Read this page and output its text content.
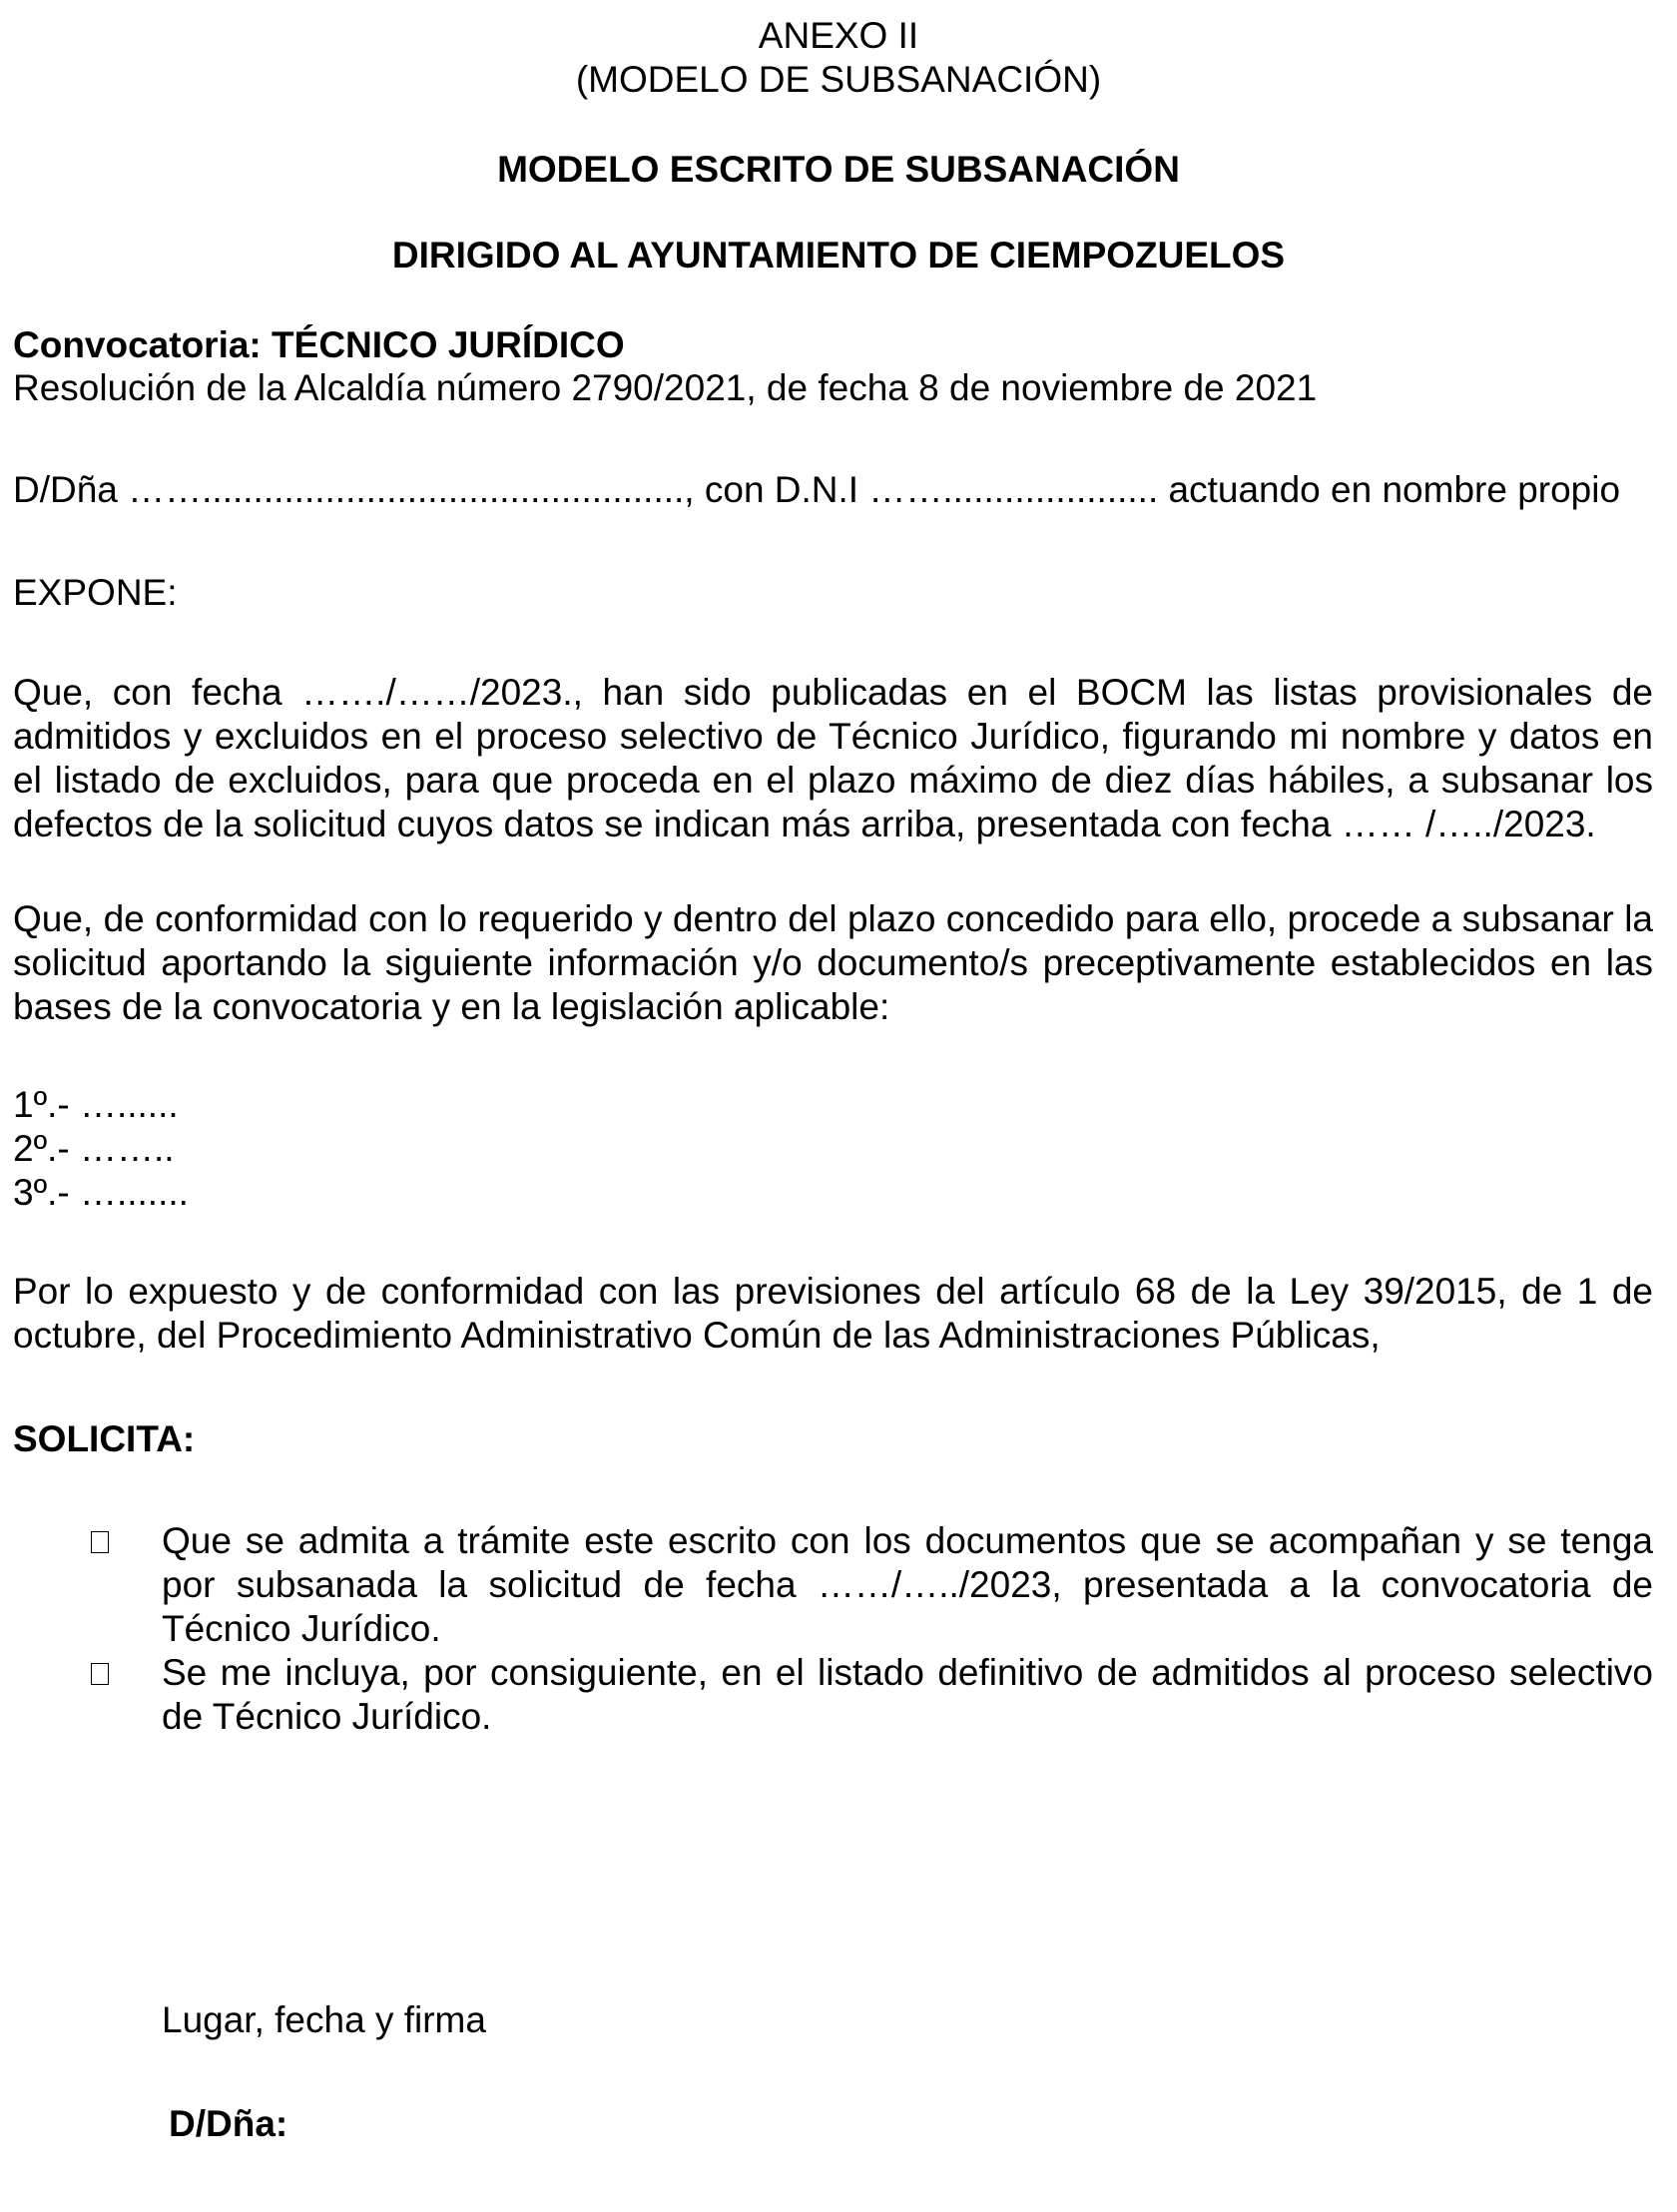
ANEXO II
(MODELO DE SUBSANACIÓN)
MODELO ESCRITO DE SUBSANACIÓN
DIRIGIDO AL AYUNTAMIENTO DE CIEMPOZUELOS
Convocatoria: TÉCNICO JURÍDICO
Resolución de la Alcaldía número 2790/2021, de fecha 8 de noviembre de 2021
D/Dña ……..............................................., con D.N.I ……..................... actuando en nombre propio
EXPONE:

Que, con fecha ……./……/2023., han sido publicadas en el BOCM las listas provisionales de admitidos y excluidos en el proceso selectivo de Técnico Jurídico, figurando mi nombre y datos en el listado de excluidos, para que proceda en el plazo máximo de diez días hábiles, a subsanar los defectos de la solicitud cuyos datos se indican más arriba, presentada con fecha …… /…../2023.

Que, de conformidad con lo requerido y dentro del plazo concedido para ello, procede a subsanar la solicitud aportando la siguiente información y/o documento/s preceptivamente establecidos en las bases de la convocatoria y en la legislación aplicable:

1º.- …......
2º.- ……..
3º.- ….......

Por lo expuesto y de conformidad con las previsiones del artículo 68 de la Ley 39/2015, de 1 de octubre, del Procedimiento Administrativo Común de las Administraciones Públicas,

SOLICITA:

Que se admita a trámite este escrito con los documentos que se acompañan y se tenga por subsanada la solicitud de fecha ……/…../2023, presentada a la convocatoria de Técnico Jurídico.

Se me incluya, por consiguiente, en el listado definitivo de admitidos al proceso selectivo de Técnico Jurídico.

Lugar, fecha y firma
D/Dña:
